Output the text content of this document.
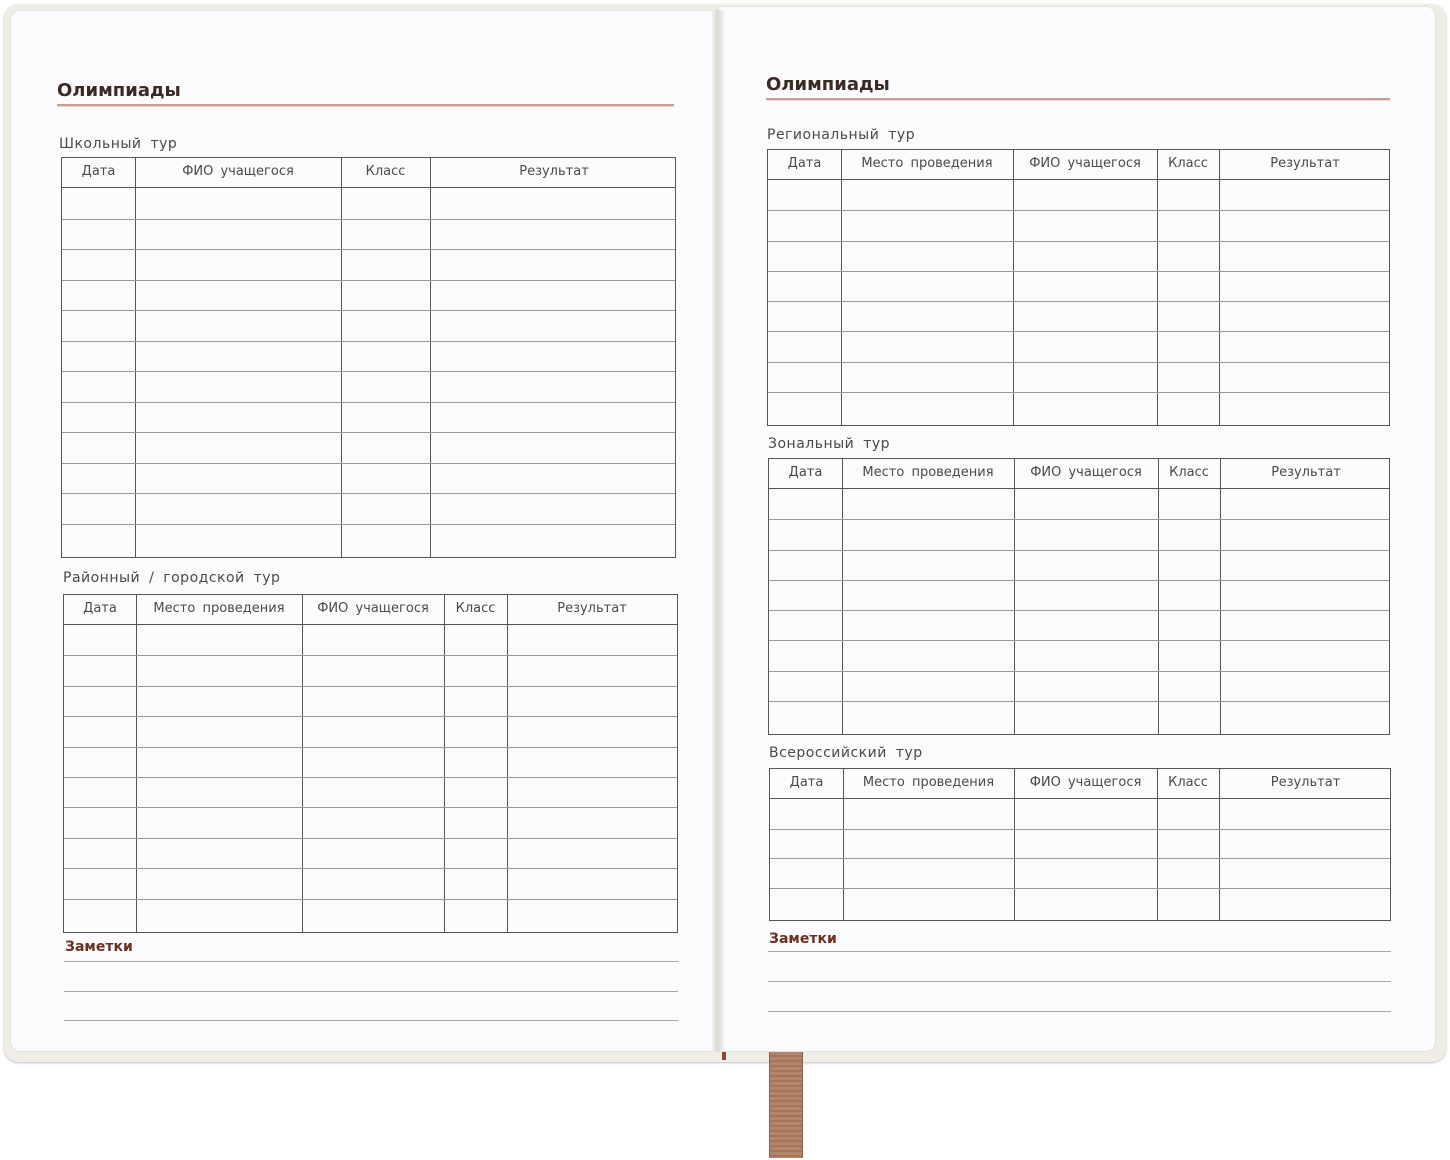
Олимпиады
Школьный тур
Дата	ФИО учащегося	Класс	Результат
Районный / городской тур
Дата	Место проведения	ФИО учащегося	Класс	Результат
Заметки
Олимпиады
Региональный тур
Дата	Место проведения	ФИО учащегося	Класс	Результат
Зональный тур
Дата	Место проведения	ФИО учащегося	Класс	Результат
Всероссийский тур
Дата	Место проведения	ФИО учащегося	Класс	Результат
Заметки
